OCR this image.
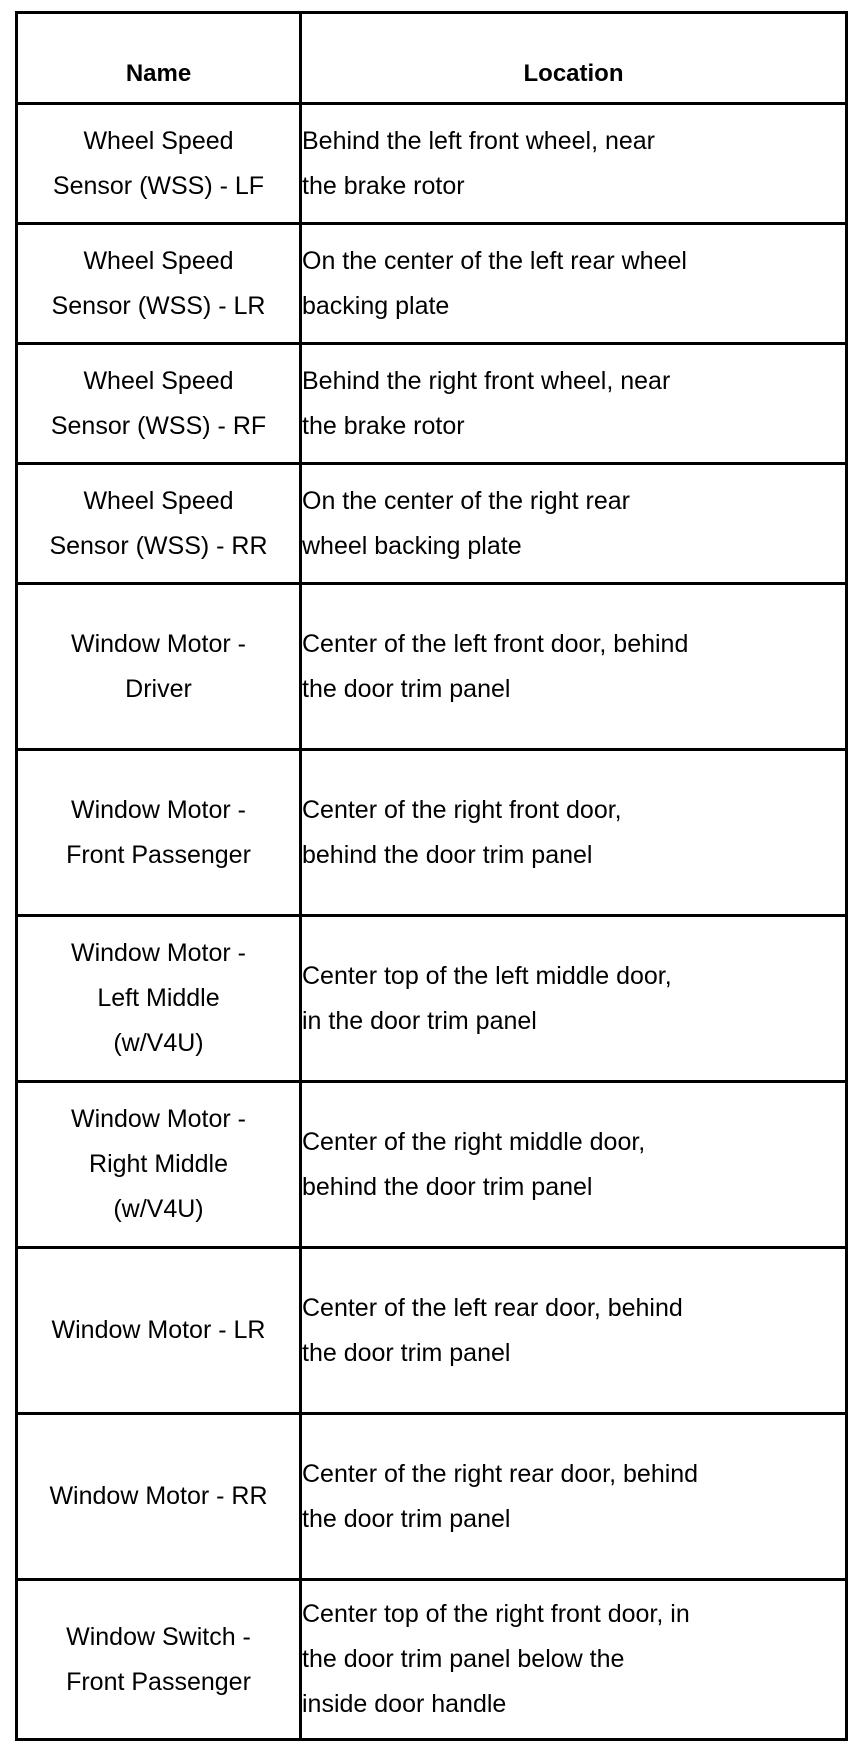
Name	Location

Wheel Speed
Sensor (WSS) - LF	Behind the left front wheel, near
the brake rotor

Wheel Speed
Sensor (WSS) - LR	On the center of the left rear wheel
backing plate

Wheel Speed
Sensor (WSS) - RF	Behind the right front wheel, near
the brake rotor

Wheel Speed
Sensor (WSS) - RR	On the center of the right rear
wheel backing plate

Window Motor -
Driver	Center of the left front door, behind
the door trim panel

Window Motor -
Front Passenger	Center of the right front door,
behind the door trim panel

Window Motor -
Left Middle
(w/V4U)	Center top of the left middle door,
in the door trim panel

Window Motor -
Right Middle
(w/V4U)	Center of the right middle door,
behind the door trim panel

Window Motor - LR	Center of the left rear door, behind
the door trim panel

Window Motor - RR	Center of the right rear door, behind
the door trim panel

Window Switch -
Front Passenger	Center top of the right front door, in
the door trim panel below the
inside door handle
